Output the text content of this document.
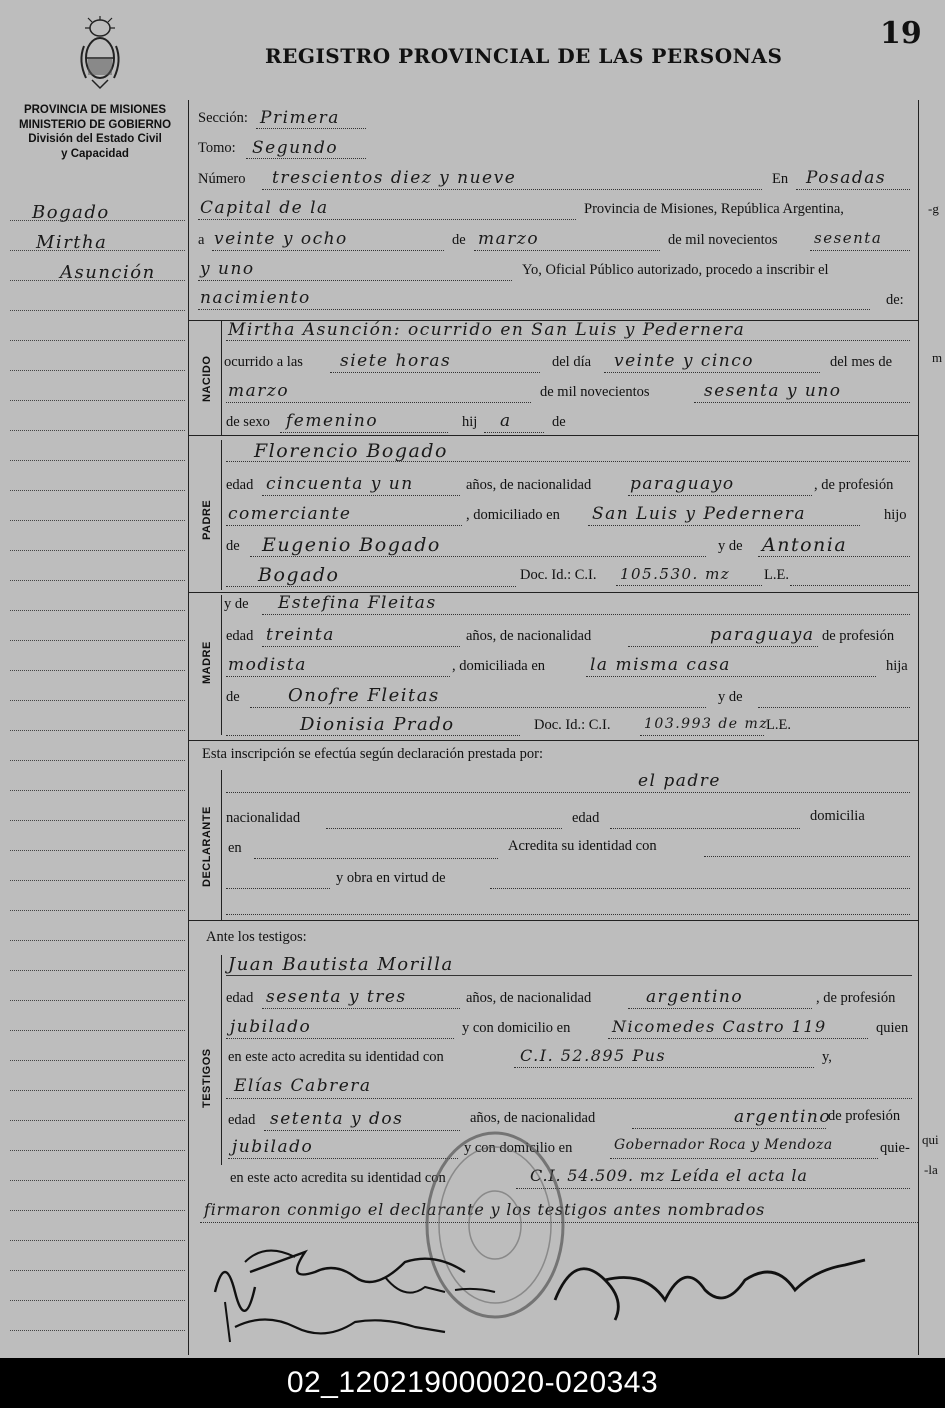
19
REGISTRO PROVINCIAL DE LAS PERSONAS
PROVINCIA DE MISIONES
MINISTERIO DE GOBIERNO
División del Estado Civil
y Capacidad
Bogado
Mirtha
Asunción
NACIDO
PADRE
MADRE
DECLARANTE
TESTIGOS
Sección: Primera
Tomo: Segundo
Número trescientos diez y nueve	En Posadas
Capital de la	Provincia de Misiones, República Argentina,
a veinte y ocho	de marzo	de mil novecientos sesenta
y uno	Yo, Oficial Público autorizado, procedo a inscribir el
nacimiento	de:
Mirtha Asunción: ocurrido en San Luis y Pedernera
ocurrido a las siete horas	del día veinte y cinco	del mes de
marzo	de mil novecientos	sesenta y uno
de sexo femenino	hij a	de
Florencio Bogado
edad cincuenta y un	años, de nacionalidad paraguayo	, de profesión
comerciante	, domiciliado en San Luis y Pedernera	hijo
de Eugenio Bogado	y de Antonia
Bogado	Doc. Id.: C.I. 105.530. mz L.E.
y de Estefina Fleitas
edad treinta	años, de nacionalidad	paraguaya de profesión
modista	, domiciliada en	la misma casa	hija
de	Onofre Fleitas	y de
Dionisia Prado	Doc. Id.: C.I. 103.993 de mz
L.E.
Esta inscripción se efectúa según declaración prestada por:
el padre
nacionalidad	edad	domicilia
en	Acredita su identidad con
y obra en virtud de
Ante los testigos:
Juan Bautista Morilla
edad sesenta y tres	años, de nacionalidad	argentino	, de profesión
jubilado	y con domicilio en	Nicomedes Castro 119	quien
en este acto acredita su identidad con	C.I. 52.895 Pus	y,
Elías Cabrera
edad setenta y dos	años, de nacionalidad	argentino
de profesión
jubilado	y con domicilio en	Gobernador Roca y Mendoza	quie-
en este acto acredita su identidad con	C.I. 54.509. mz Leída el acta la
firmaron conmigo el declarante y los testigos antes nombrados
-g
m
qui
-la
02_120219000020-020343
